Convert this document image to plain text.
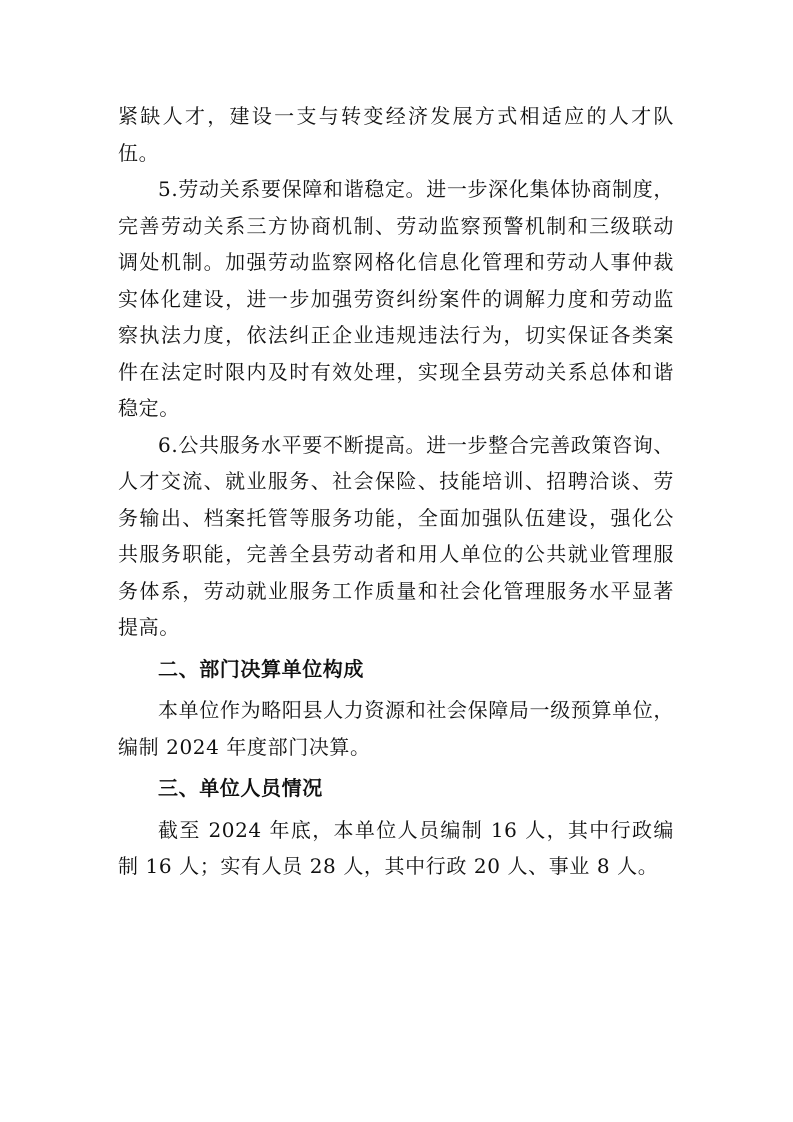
紧缺人才，建设一支与转变经济发展方式相适应的人才队伍。

5.劳动关系要保障和谐稳定。进一步深化集体协商制度，完善劳动关系三方协商机制、劳动监察预警机制和三级联动调处机制。加强劳动监察网格化信息化管理和劳动人事仲裁实体化建设，进一步加强劳资纠纷案件的调解力度和劳动监察执法力度，依法纠正企业违规违法行为，切实保证各类案件在法定时限内及时有效处理，实现全县劳动关系总体和谐稳定。

6.公共服务水平要不断提高。进一步整合完善政策咨询、人才交流、就业服务、社会保险、技能培训、招聘洽谈、劳务输出、档案托管等服务功能，全面加强队伍建设，强化公共服务职能，完善全县劳动者和用人单位的公共就业管理服务体系，劳动就业服务工作质量和社会化管理服务水平显著提高。

二、部门决算单位构成

本单位作为略阳县人力资源和社会保障局一级预算单位，编制 2024 年度部门决算。

三、单位人员情况

截至 2024 年底，本单位人员编制 16 人，其中行政编制 16 人；实有人员 28 人，其中行政 20 人、事业 8 人。
